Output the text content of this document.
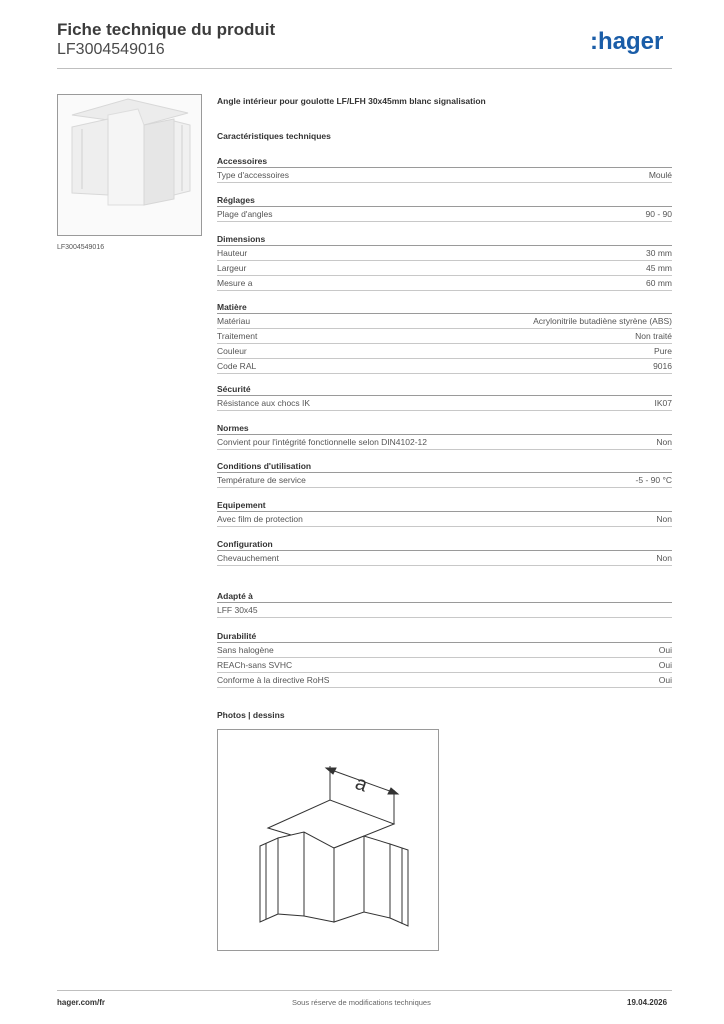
Fiche technique du produit
LF3004549016	:hager
LF3004549016
Angle intérieur pour goulotte LF/LFH 30x45mm blanc signalisation
Caractéristiques techniques
Accessoires
Type d'accessoires	Moulé
Réglages
Plage d'angles	90 - 90
Dimensions
Hauteur	30 mm
Largeur	45 mm
Mesure a	60 mm
Matière
Matériau	Acrylonitrile butadiène styrène (ABS)
Traitement	Non traité
Couleur	Pure
Code RAL	9016
Sécurité
Résistance aux chocs IK	IK07
Normes
Convient pour l'intégrité fonctionnelle selon DIN4102-12	Non
Conditions d'utilisation
Température de service	-5 - 90 °C
Equipement
Avec film de protection	Non
Configuration
Chevauchement	Non
Adapté à
LFF 30x45
Durabilité
Sans halogène	Oui
REACh-sans SVHC	Oui
Conforme à la directive RoHS	Oui
Photos | dessins
a
hager.com/fr	Sous réserve de modifications techniques	19.04.2026
